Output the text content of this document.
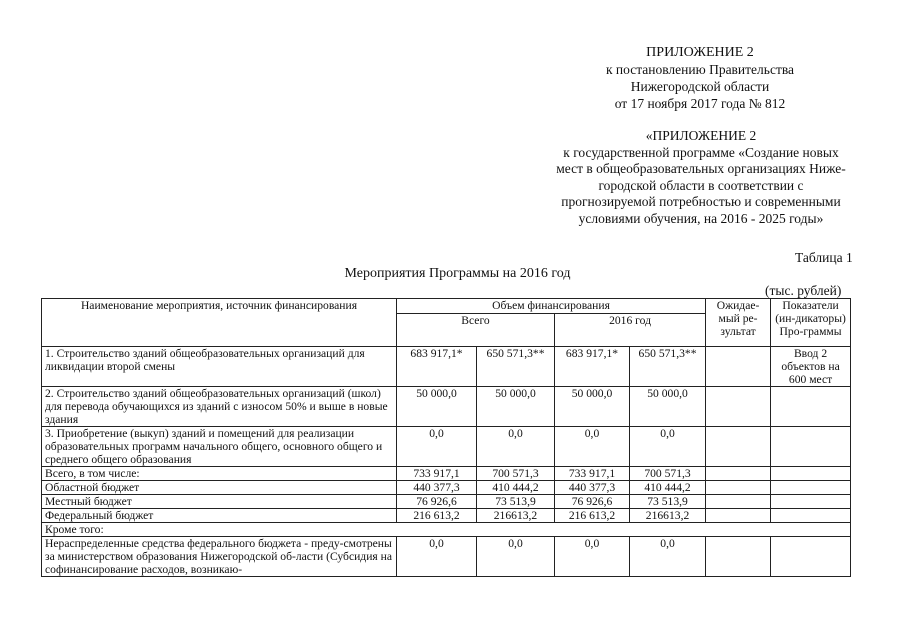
ПРИЛОЖЕНИЕ 2
к постановлению Правительства
Нижегородской области
от 17 ноября 2017 года № 812
«ПРИЛОЖЕНИЕ 2
к государственной программе «Создание новых
мест в общеобразовательных организациях Ниже-
городской области в соответствии с
прогнозируемой потребностью и современными
условиями обучения, на 2016 - 2025 годы»
Таблица 1
Мероприятия Программы на 2016 год
(тыс. рублей)
Наименование мероприятия, источник финансирования	Объем финансирования				Ожидае-мый ре-зультат	Показатели (ин-дикаторы) Про-граммы
	Всего		2016 год			
1. Строительство зданий общеобразовательных организаций для ликвидации второй смены	683 917,1*	650 571,3**	683 917,1*	650 571,3**		Ввод 2 объектов на 600 мест
2. Строительство зданий общеобразовательных организаций (школ) для перевода обучающихся из зданий с износом 50% и выше в новые здания	50 000,0	50 000,0	50 000,0	50 000,0		
3. Приобретение (выкуп) зданий и помещений для реализации образовательных программ начального общего, основного общего и среднего общего образования	0,0	0,0	0,0	0,0		
Всего, в том числе:	733 917,1	700 571,3	733 917,1	700 571,3		
Областной бюджет	440 377,3	410 444,2	440 377,3	410 444,2		
Местный бюджет	76 926,6	73 513,9	76 926,6	73 513,9		
Федеральный бюджет	216 613,2	216613,2	216 613,2	216613,2		
Кроме того:						
Нераспределенные средства федерального бюджета - преду-смотрены за министерством образования Нижегородской об-ласти (Субсидия на софинансирование расходов, возникаю-	0,0	0,0	0,0	0,0		
